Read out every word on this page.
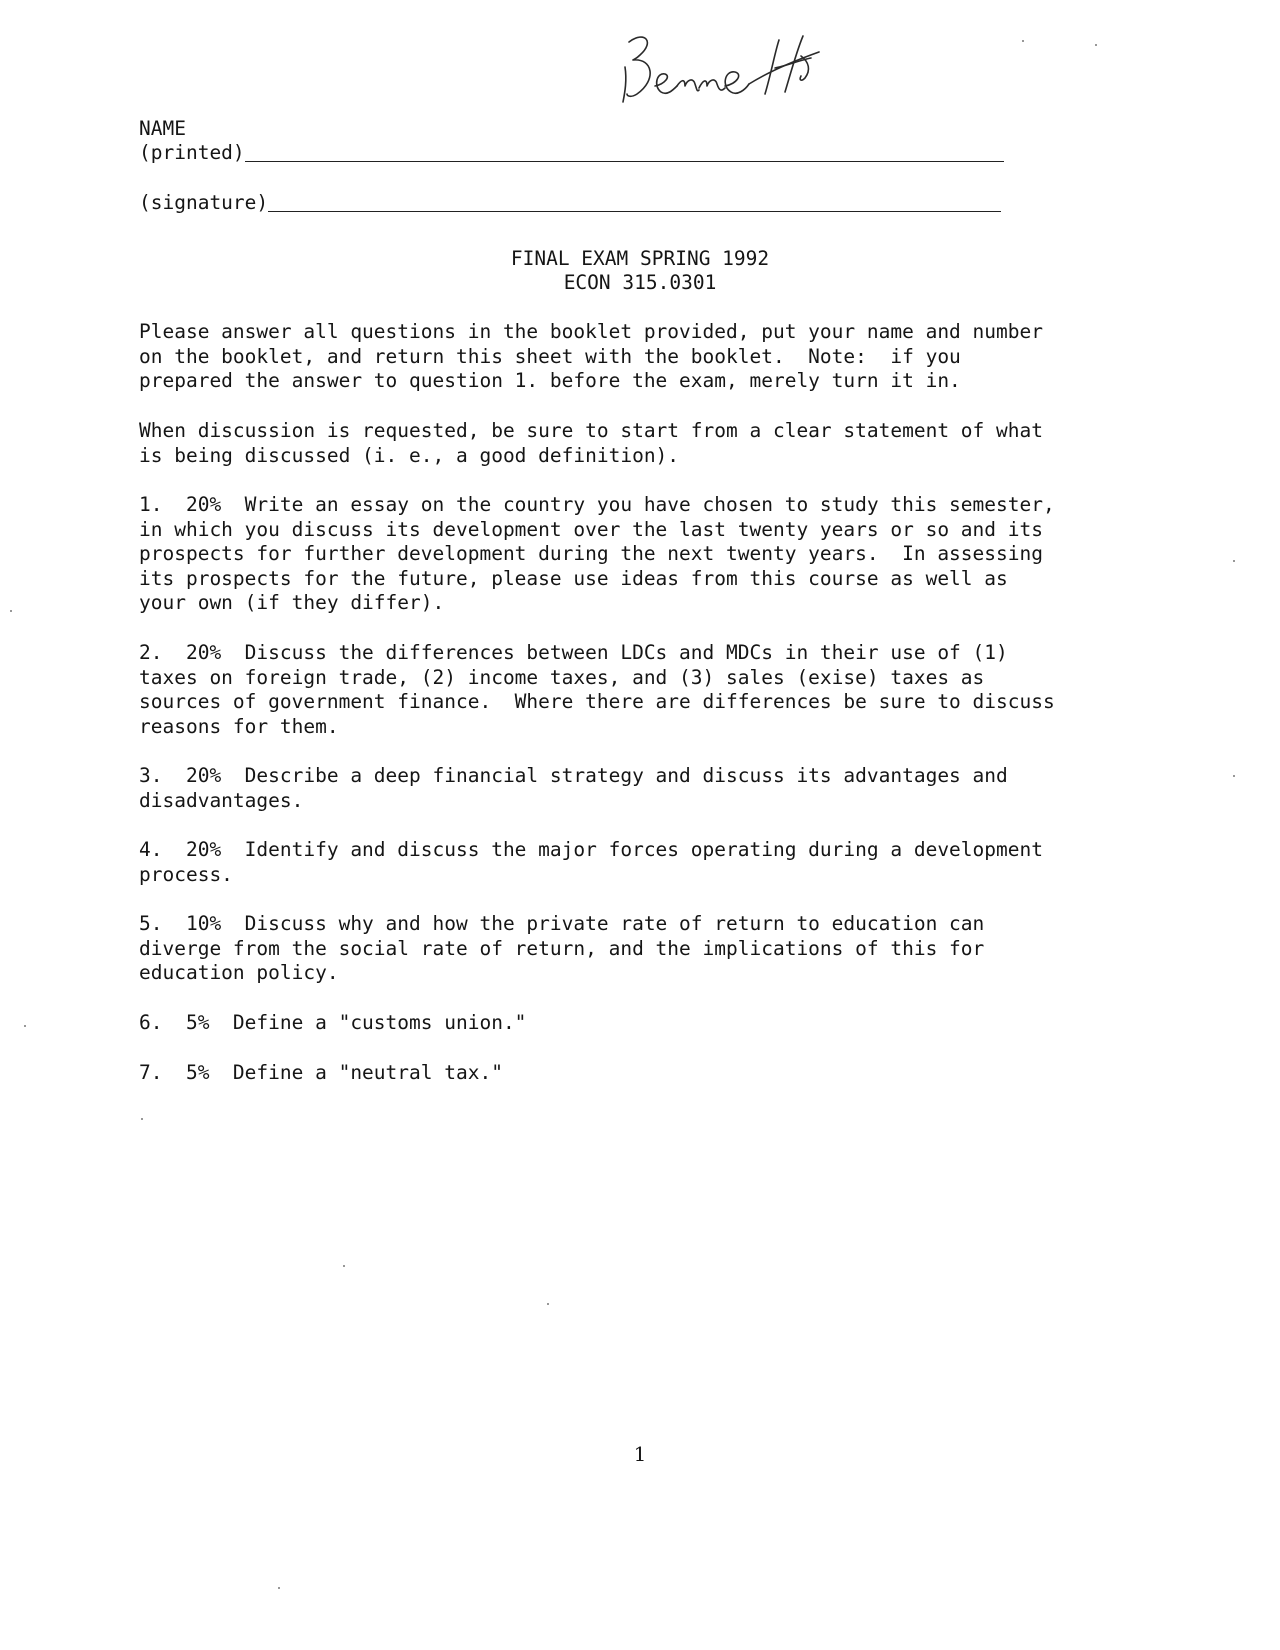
NAME
(printed)
(signature)
FINAL EXAM SPRING 1992
ECON 315.0301

Please answer all questions in the booklet provided, put your name and number
on the booklet, and return this sheet with the booklet.  Note:  if you
prepared the answer to question 1. before the exam, merely turn it in.

When discussion is requested, be sure to start from a clear statement of what
is being discussed (i. e., a good definition).

1.  20%  Write an essay on the country you have chosen to study this semester,
in which you discuss its development over the last twenty years or so and its
prospects for further development during the next twenty years.  In assessing
its prospects for the future, please use ideas from this course as well as
your own (if they differ).

2.  20%  Discuss the differences between LDCs and MDCs in their use of (1)
taxes on foreign trade, (2) income taxes, and (3) sales (exise) taxes as
sources of government finance.  Where there are differences be sure to discuss
reasons for them.

3.  20%  Describe a deep financial strategy and discuss its advantages and
disadvantages.

4.  20%  Identify and discuss the major forces operating during a development
process.

5.  10%  Discuss why and how the private rate of return to education can
diverge from the social rate of return, and the implications of this for
education policy.

6.  5%  Define a "customs union."

7.  5%  Define a "neutral tax."

1
